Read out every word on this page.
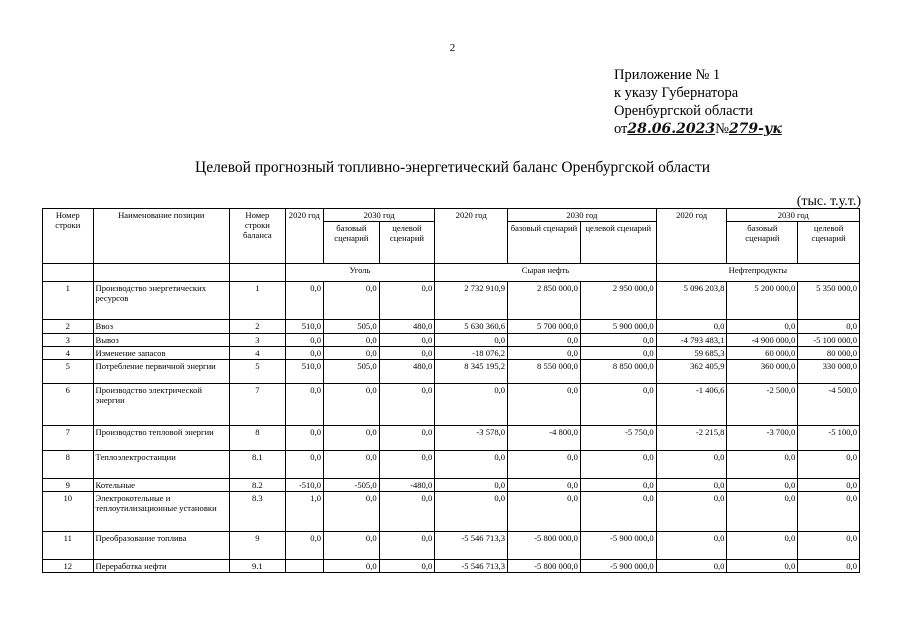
2
Приложение № 1
к указу Губернатора
Оренбургской области
от28.06.2023№279-ук
Целевой прогнозный топливно-энергетический баланс Оренбургской области
(тыс. т.у.т.)
Номер строки	Наименование позиции	Номер строки баланса	2020 год	2030 год		2020 год	2030 год		2020 год	2030 год	
				базовый сценарий	целевой сценарий		базовый сценарий	целевой сценарий		базовый сценарий	целевой сценарий
			Уголь			Сырая нефть			Нефтепродукты		
1	Производство энергетических ресурсов	1	0,0	0,0	0,0	2 732 910,9	2 850 000,0	2 950 000,0	5 096 203,8	5 200 000,0	5 350 000,0
2	Ввоз	2	510,0	505,0	480,0	5 630 360,6	5 700 000,0	5 900 000,0	0,0	0,0	0,0
3	Вывоз	3	0,0	0,0	0,0	0,0	0,0	0,0	-4 793 483,1	-4 900 000,0	-5 100 000,0
4	Изменение запасов	4	0,0	0,0	0,0	-18 076,2	0,0	0,0	59 685,3	60 000,0	80 000,0
5	Потребление первичной энергии	5	510,0	505,0	480,0	8 345 195,2	8 550 000,0	8 850 000,0	362 405,9	360 000,0	330 000,0
6	Производство электрической энергии	7	0,0	0,0	0,0	0,0	0,0	0,0	-1 406,6	-2 500,0	-4 500,0
7	Производство тепловой энергии	8	0,0	0,0	0,0	-3 578,0	-4 800,0	-5 750,0	-2 215,8	-3 700,0	-5 100,0
8	Теплоэлектростанции	8.1	0,0	0,0	0,0	0,0	0,0	0,0	0,0	0,0	0,0
9	Котельные	8.2	-510,0	-505,0	-480,0	0,0	0,0	0,0	0,0	0,0	0,0
10	Электрокотельные и теплоутилизационные установки	8.3	1,0	0,0	0,0	0,0	0,0	0,0	0,0	0,0	0,0
11	Преобразование топлива	9	0,0	0,0	0,0	-5 546 713,3	-5 800 000,0	-5 900 000,0	0,0	0,0	0,0
12	Переработка нефти	9.1		0,0	0,0	-5 546 713,3	-5 800 000,0	-5 900 000,0	0,0	0,0	0,0
